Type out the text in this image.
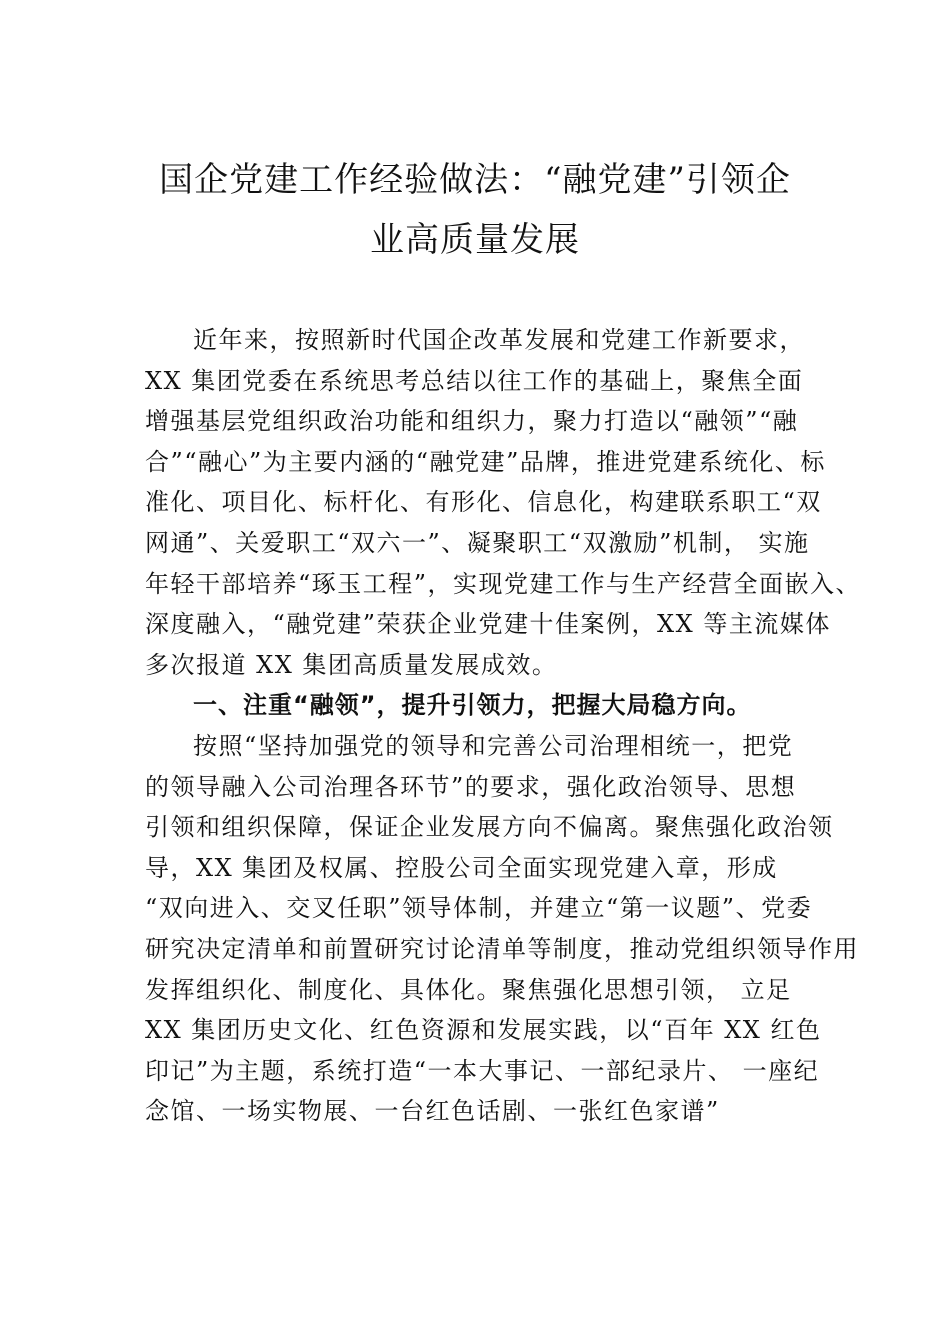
国企党建工作经验做法：“融党建”引领企
业高质量发展
近年来，按照新时代国企改革发展和党建工作新要求，
XX 集团党委在系统思考总结以往工作的基础上，聚焦全面
增强基层党组织政治功能和组织力，聚力打造以“融领”“融
合”“融心”为主要内涵的“融党建”品牌，推进党建系统化、标
准化、项目化、标杆化、有形化、信息化，构建联系职工“双
网通”、关爱职工“双六一”、凝聚职工“双激励”机制， 实施
年轻干部培养“琢玉工程”，实现党建工作与生产经营全面嵌入、
深度融入，“融党建”荣获企业党建十佳案例，XX 等主流媒体
多次报道 XX 集团高质量发展成效。
一、注重“融领”，提升引领力，把握大局稳方向。
按照“坚持加强党的领导和完善公司治理相统一，把党
的领导融入公司治理各环节”的要求，强化政治领导、思想
引领和组织保障，保证企业发展方向不偏离。聚焦强化政治领
导，XX 集团及权属、控股公司全面实现党建入章，形成
“双向进入、交叉任职”领导体制，并建立“第一议题”、党委
研究决定清单和前置研究讨论清单等制度，推动党组织领导作用
发挥组织化、制度化、具体化。聚焦强化思想引领， 立足
XX 集团历史文化、红色资源和发展实践，以“百年 XX 红色
印记”为主题，系统打造“一本大事记、一部纪录片、 一座纪
念馆、一场实物展、一台红色话剧、一张红色家谱”
